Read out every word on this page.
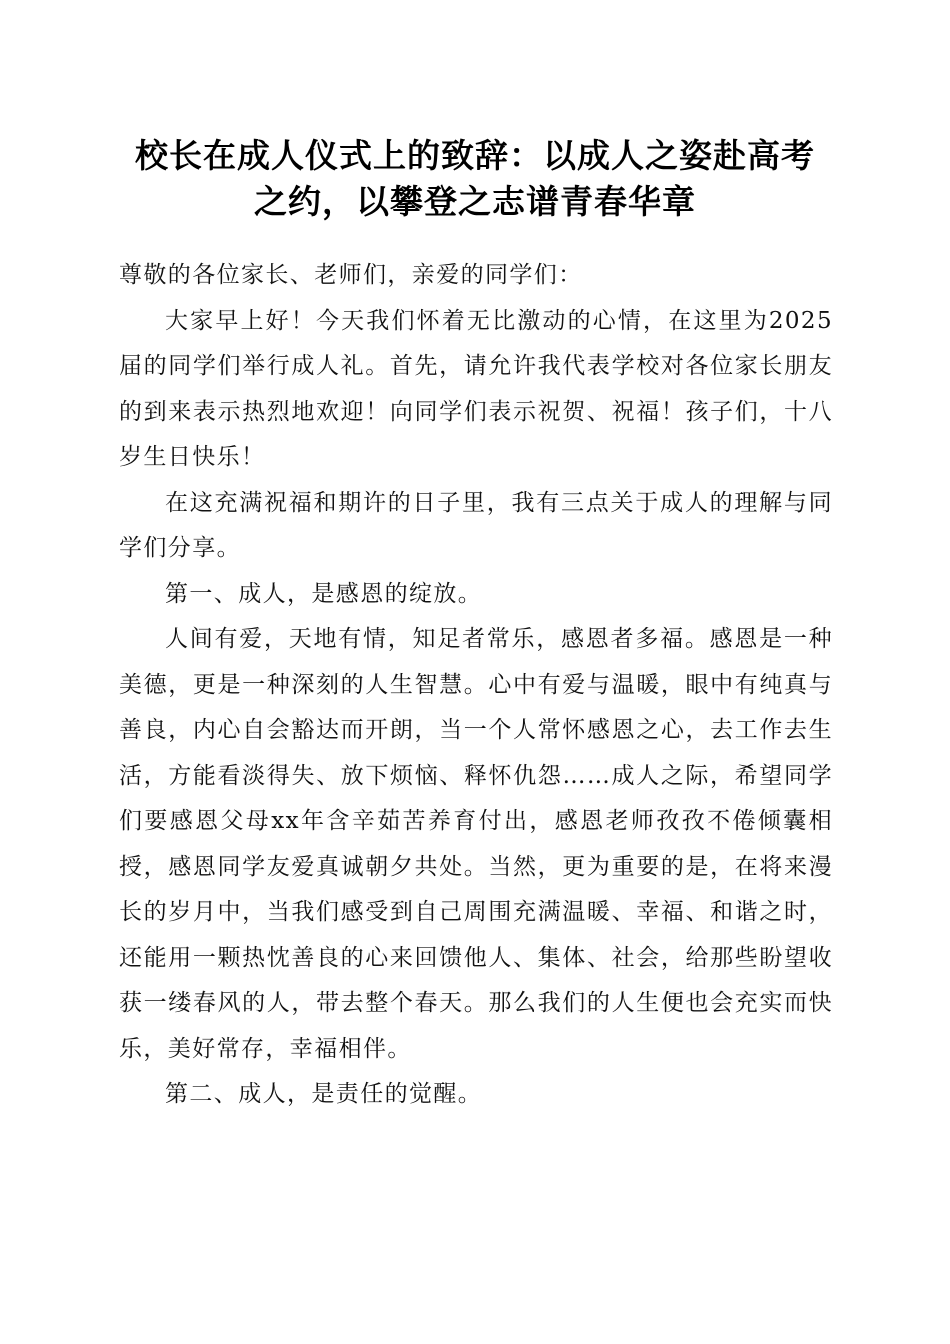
校长在成人仪式上的致辞：以成人之姿赴高考
之约，以攀登之志谱青春华章

尊敬的各位家长、老师们，亲爱的同学们：

大家早上好！今天我们怀着无比激动的心情，在这里为2025届的同学们举行成人礼。首先，请允许我代表学校对各位家长朋友的到来表示热烈地欢迎！向同学们表示祝贺、祝福！孩子们，十八岁生日快乐！

在这充满祝福和期许的日子里，我有三点关于成人的理解与同学们分享。

第一、成人，是感恩的绽放。

人间有爱，天地有情，知足者常乐，感恩者多福。感恩是一种美德，更是一种深刻的人生智慧。心中有爱与温暖，眼中有纯真与善良，内心自会豁达而开朗，当一个人常怀感恩之心，去工作去生活，方能看淡得失、放下烦恼、释怀仇怨……成人之际，希望同学们要感恩父母xx年含辛茹苦养育付出，感恩老师孜孜不倦倾囊相授，感恩同学友爱真诚朝夕共处。当然，更为重要的是，在将来漫长的岁月中，当我们感受到自己周围充满温暖、幸福、和谐之时，还能用一颗热忱善良的心来回馈他人、集体、社会，给那些盼望收获一缕春风的人，带去整个春天。那么我们的人生便也会充实而快乐，美好常存，幸福相伴。

第二、成人，是责任的觉醒。
